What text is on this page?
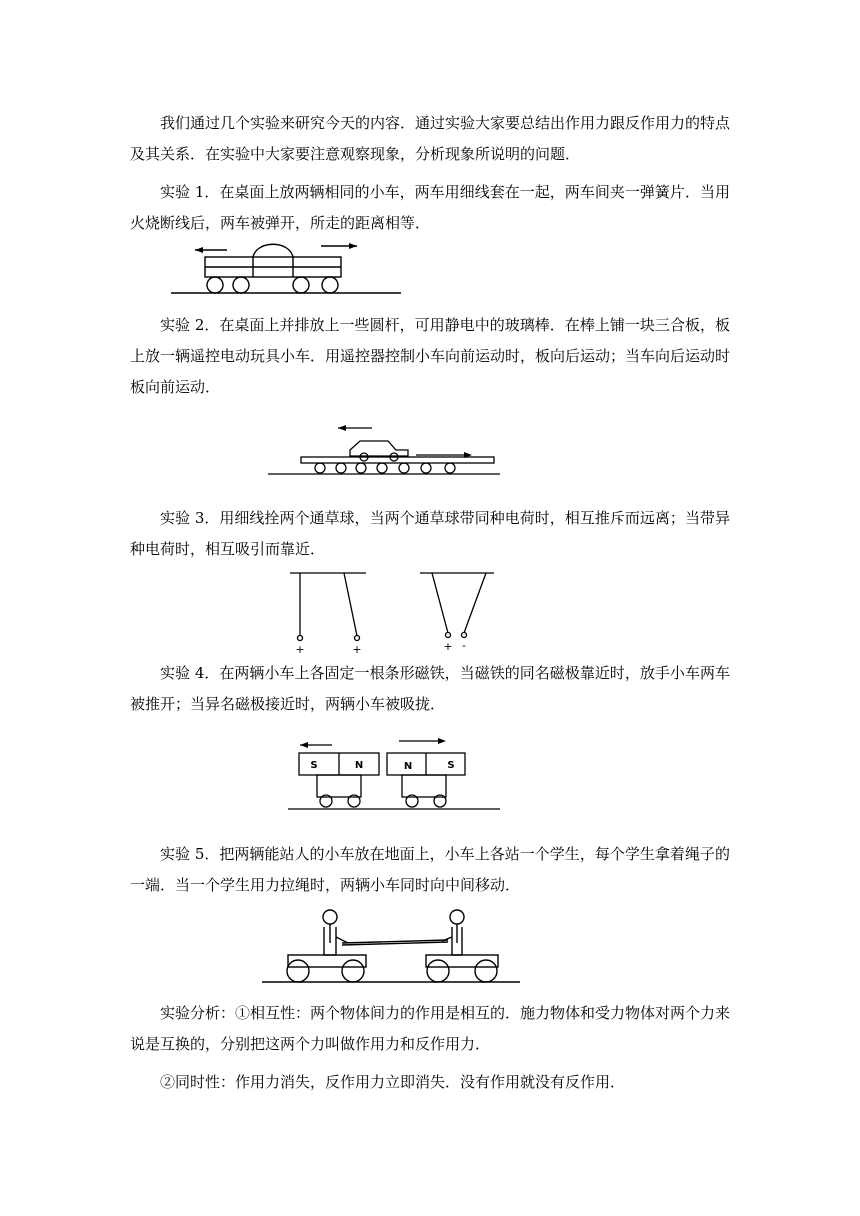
我们通过几个实验来研究今天的内容．通过实验大家要总结出作用力跟反作用力的特点及其关系．在实验中大家要注意观察现象，分析现象所说明的问题．

实验 1．在桌面上放两辆相同的小车，两车用细线套在一起，两车间夹一弹簧片．当用火烧断线后，两车被弹开，所走的距离相等．

实验 2．在桌面上并排放上一些圆杆，可用静电中的玻璃棒．在棒上铺一块三合板，板上放一辆遥控电动玩具小车．用遥控器控制小车向前运动时，板向后运动；当车向后运动时板向前运动．

实验 3．用细线拴两个通草球，当两个通草球带同种电荷时，相互推斥而远离；当带异种电荷时，相互吸引而靠近．

+	+	+ -

实验 4．在两辆小车上各固定一根条形磁铁，当磁铁的同名磁极靠近时，放手小车两车被推开；当异名磁极接近时，两辆小车被吸拢．

S	N	N	S

实验 5．把两辆能站人的小车放在地面上，小车上各站一个学生，每个学生拿着绳子的一端．当一个学生用力拉绳时，两辆小车同时向中间移动．

实验分析：①相互性：两个物体间力的作用是相互的．施力物体和受力物体对两个力来说是互换的，分别把这两个力叫做作用力和反作用力．

②同时性：作用力消失，反作用力立即消失．没有作用就没有反作用．
